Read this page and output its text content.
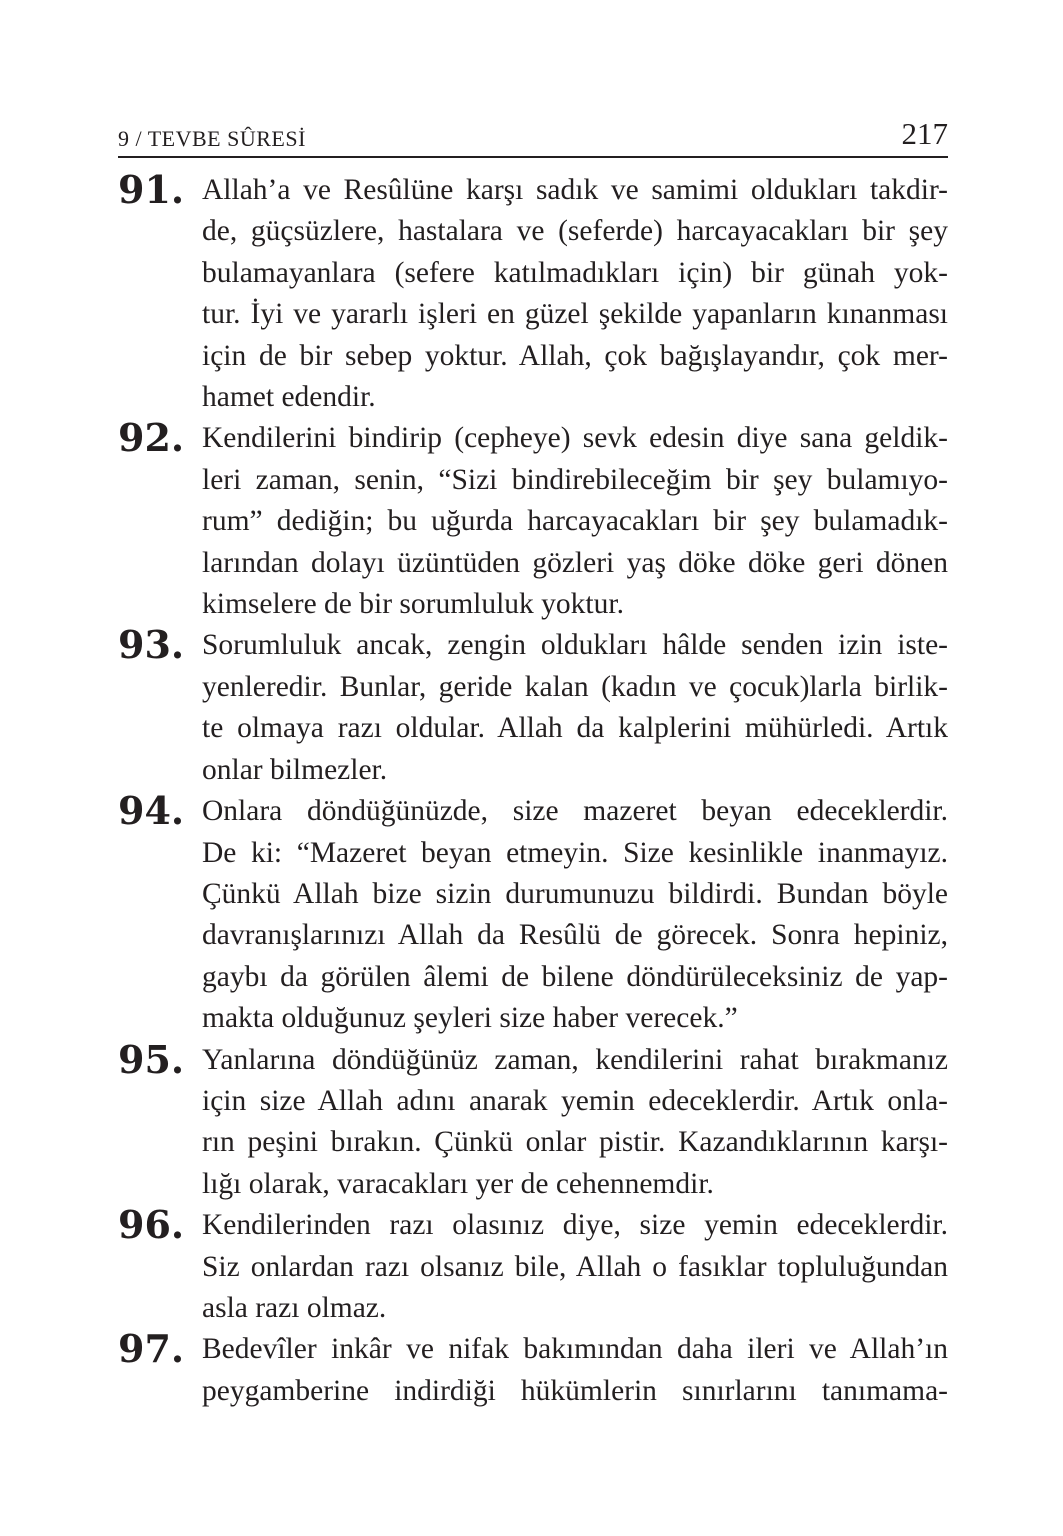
9 / TEVBE SÛRESİ	217
91. Allah’a ve Resûlüne karşı sadık ve samimi oldukları takdir-
de, güçsüzlere, hastalara ve (seferde) harcayacakları bir şey
bulamayanlara (sefere katılmadıkları için) bir günah yok-
tur. İyi ve yararlı işleri en güzel şekilde yapanların kınanması
için de bir sebep yoktur. Allah, çok bağışlayandır, çok mer-
hamet edendir.
92. Kendilerini bindirip (cepheye) sevk edesin diye sana geldik-
leri zaman, senin, “Sizi bindirebileceğim bir şey bulamıyo-
rum” dediğin; bu uğurda harcayacakları bir şey bulamadık-
larından dolayı üzüntüden gözleri yaş döke döke geri dönen
kimselere de bir sorumluluk yoktur.
93. Sorumluluk ancak, zengin oldukları hâlde senden izin iste-
yenleredir. Bunlar, geride kalan (kadın ve çocuk)larla birlik-
te olmaya razı oldular. Allah da kalplerini mühürledi. Artık
onlar bilmezler.
94. Onlara döndüğünüzde, size mazeret beyan edeceklerdir.
De ki: “Mazeret beyan etmeyin. Size kesinlikle inanmayız.
Çünkü Allah bize sizin durumunuzu bildirdi. Bundan böyle
davranışlarınızı Allah da Resûlü de görecek. Sonra hepiniz,
gaybı da görülen âlemi de bilene döndürüleceksiniz de yap-
makta olduğunuz şeyleri size haber verecek.”
95. Yanlarına döndüğünüz zaman, kendilerini rahat bırakmanız
için size Allah adını anarak yemin edeceklerdir. Artık onla-
rın peşini bırakın. Çünkü onlar pistir. Kazandıklarının karşı-
lığı olarak, varacakları yer de cehennemdir.
96. Kendilerinden razı olasınız diye, size yemin edeceklerdir.
Siz onlardan razı olsanız bile, Allah o fasıklar topluluğundan
asla razı olmaz.
97. Bedevîler inkâr ve nifak bakımından daha ileri ve Allah’ın
peygamberine indirdiği hükümlerin sınırlarını tanımama-
